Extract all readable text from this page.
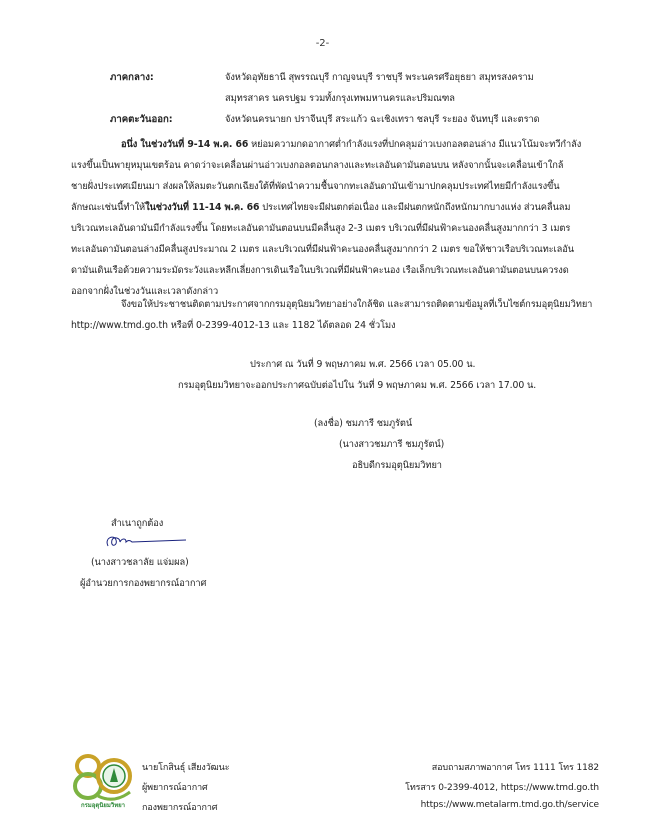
-2-
ภาคกลาง:	จังหวัดอุทัยธานี สุพรรณบุรี กาญจนบุรี ราชบุรี พระนครศรีอยุธยา สมุทรสงคราม
สมุทรสาคร นครปฐม รวมทั้งกรุงเทพมหานครและปริมณฑล
ภาคตะวันออก:	จังหวัดนครนายก ปราจีนบุรี สระแก้ว ฉะเชิงเทรา ชลบุรี ระยอง จันทบุรี และตราด
อนึ่ง ในช่วงวันที่ 9-14 พ.ค. 66 หย่อมความกดอากาศต่ำกำลังแรงที่ปกคลุมอ่าวเบงกอลตอนล่าง มีแนวโน้มจะทวีกำลัง
แรงขึ้นเป็นพายุหมุนเขตร้อน คาดว่าจะเคลื่อนผ่านอ่าวเบงกอลตอนกลางและทะเลอันดามันตอนบน หลังจากนั้นจะเคลื่อนเข้าใกล้
ชายฝั่งประเทศเมียนมา ส่งผลให้ลมตะวันตกเฉียงใต้ที่พัดนำความชื้นจากทะเลอันดามันเข้ามาปกคลุมประเทศไทยมีกำลังแรงขึ้น
ลักษณะเช่นนี้ทำให้ในช่วงวันที่ 11-14 พ.ค. 66 ประเทศไทยจะมีฝนตกต่อเนื่อง และมีฝนตกหนักถึงหนักมากบางแห่ง ส่วนคลื่นลม
บริเวณทะเลอันดามันมีกำลังแรงขึ้น โดยทะเลอันดามันตอนบนมีคลื่นสูง 2-3 เมตร บริเวณที่มีฝนฟ้าคะนองคลื่นสูงมากกว่า 3 เมตร
ทะเลอันดามันตอนล่างมีคลื่นสูงประมาณ 2 เมตร และบริเวณที่มีฝนฟ้าคะนองคลื่นสูงมากกว่า 2 เมตร ขอให้ชาวเรือบริเวณทะเลอัน
ดามันเดินเรือด้วยความระมัดระวังและหลีกเลี่ยงการเดินเรือในบริเวณที่มีฝนฟ้าคะนอง เรือเล็กบริเวณทะเลอันดามันตอนบนควรงด
ออกจากฝั่งในช่วงวันและเวลาดังกล่าว
จึงขอให้ประชาชนติดตามประกาศจากกรมอุตุนิยมวิทยาอย่างใกล้ชิด และสามารถติดตามข้อมูลที่เว็บไซต์กรมอุตุนิยมวิทยา
http://www.tmd.go.th หรือที่ 0-2399-4012-13 และ 1182 ได้ตลอด 24 ชั่วโมง
ประกาศ ณ วันที่ 9 พฤษภาคม พ.ศ. 2566 เวลา 05.00 น.
กรมอุตุนิยมวิทยาจะออกประกาศฉบับต่อไปใน วันที่ 9 พฤษภาคม พ.ศ. 2566 เวลา 17.00 น.
(ลงชื่อ) ชมภารี ชมภูรัตน์
(นางสาวชมภารี ชมภูรัตน์)
อธิบดีกรมอุตุนิยมวิทยา
สำเนาถูกต้อง
(นางสาวชลาลัย แจ่มผล)
ผู้อำนวยการกองพยากรณ์อากาศ
กรมอุตุนิยมวิทยา
นายโกสินธุ์ เสียงวัฒนะ
ผู้พยากรณ์อากาศ
กองพยากรณ์อากาศ
สอบถามสภาพอากาศ โทร 1111 โทร 1182
โทรสาร 0-2399-4012, https://www.tmd.go.th
https://www.metalarm.tmd.go.th/service
